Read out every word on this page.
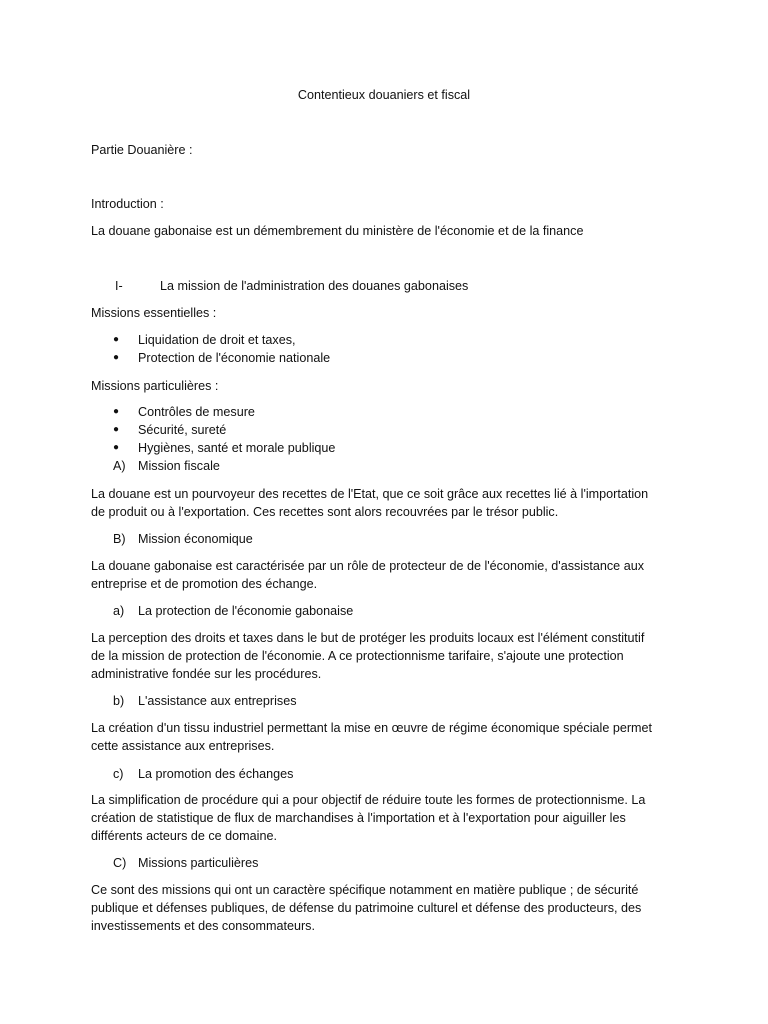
Contentieux douaniers et fiscal
Partie Douanière :
Introduction :
La douane gabonaise est un démembrement du ministère de l'économie et de la finance
I-	La mission de l'administration des douanes gabonaises
Missions essentielles :
●	Liquidation de droit et taxes,
●	Protection de l'économie nationale
Missions particulières :
●	Contrôles de mesure
●	Sécurité, sureté
●	Hygiènes, santé et morale publique
A) Mission fiscale
La douane est un pourvoyeur des recettes de l'Etat, que ce soit grâce aux recettes lié à l'importation
de produit ou à l'exportation. Ces recettes sont alors recouvrées par le trésor public.
B) Mission économique
La douane gabonaise est caractérisée par un rôle de protecteur de de l'économie, d'assistance aux
entreprise et de promotion des échange.
a)	La protection de l'économie gabonaise
La perception des droits et taxes dans le but de protéger les produits locaux est l'élément constitutif
de la mission de protection de l'économie. A ce protectionnisme tarifaire, s'ajoute une protection
administrative fondée sur les procédures.
b)	L'assistance aux entreprises
La création d'un tissu industriel permettant la mise en œuvre de régime économique spéciale permet
cette assistance aux entreprises.
c)	La promotion des échanges
La simplification de procédure qui a pour objectif de réduire toute les formes de protectionnisme. La
création de statistique de flux de marchandises à l'importation et à l'exportation pour aiguiller les
différents acteurs de ce domaine.
C) Missions particulières
Ce sont des missions qui ont un caractère spécifique notamment en matière publique ; de sécurité
publique et défenses publiques, de défense du patrimoine culturel et défense des producteurs, des
investissements et des consommateurs.
